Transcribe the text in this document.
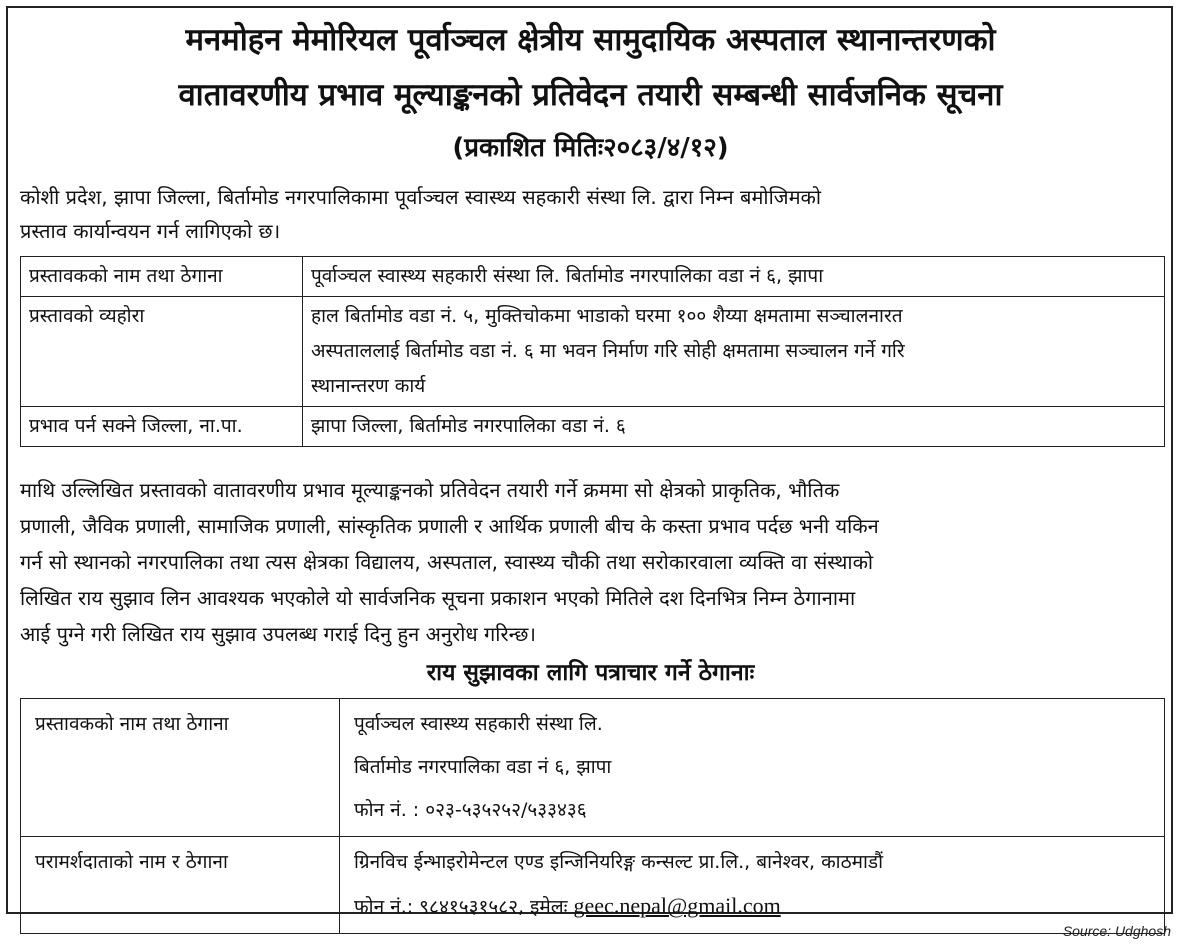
मनमोहन मेमोरियल पूर्वाञ्चल क्षेत्रीय सामुदायिक अस्पताल स्थानान्तरणको
वातावरणीय प्रभाव मूल्याङ्कनको प्रतिवेदन तयारी सम्बन्धी सार्वजनिक सूचना
(प्रकाशित मितिः२०८३/४/१२)
कोशी प्रदेश, झापा जिल्ला, बिर्तामोड नगरपालिकामा पूर्वाञ्चल स्वास्थ्य सहकारी संस्था लि. द्वारा निम्न बमोजिमको
प्रस्ताव कार्यान्वयन गर्न लागिएको छ।
प्रस्तावकको नाम तथा ठेगाना	पूर्वाञ्चल स्वास्थ्य सहकारी संस्था लि. बिर्तामोड नगरपालिका वडा नं ६, झापा

प्रस्तावको व्यहोरा	हाल बिर्तामोड वडा नं. ५, मुक्तिचोकमा भाडाको घरमा १०० शैय्या क्षमतामा सञ्चालनारत
अस्पताललाई बिर्तामोड वडा नं. ६ मा भवन निर्माण गरि सोही क्षमतामा सञ्चालन गर्ने गरि
स्थानान्तरण कार्य

प्रभाव पर्न सक्ने जिल्ला, ना.पा.	झापा जिल्ला, बिर्तामोड नगरपालिका वडा नं. ६
माथि उल्लिखित प्रस्तावको वातावरणीय प्रभाव मूल्याङ्कनको प्रतिवेदन तयारी गर्ने क्रममा सो क्षेत्रको प्राकृतिक, भौतिक
प्रणाली, जैविक प्रणाली, सामाजिक प्रणाली, सांस्कृतिक प्रणाली र आर्थिक प्रणाली बीच के कस्ता प्रभाव पर्दछ भनी यकिन
गर्न सो स्थानको नगरपालिका तथा त्यस क्षेत्रका विद्यालय, अस्पताल, स्वास्थ्य चौकी तथा सरोकारवाला व्यक्ति वा संस्थाको
लिखित राय सुझाव लिन आवश्यक भएकोले यो सार्वजनिक सूचना प्रकाशन भएको मितिले दश दिनभित्र निम्न ठेगानामा
आई पुग्ने गरी लिखित राय सुझाव उपलब्ध गराई दिनु हुन अनुरोध गरिन्छ।
राय सुझावका लागि पत्राचार गर्ने ठेगानाः
प्रस्तावकको नाम तथा ठेगाना	पूर्वाञ्चल स्वास्थ्य सहकारी संस्था लि.
बिर्तामोड नगरपालिका वडा नं ६, झापा
फोन नं. : ०२३-५३५२५२/५३३४३६

परामर्शदाताको नाम र ठेगाना	ग्रिनविच ईन्भाइरोमेन्टल एण्ड इन्जिनियरिङ्ग कन्सल्ट प्रा.लि., बानेश्वर, काठमाडौं
फोन नं.: ९८४१५३१५८२, इमेलः geec.nepal@gmail.com
Source: Udghosh
